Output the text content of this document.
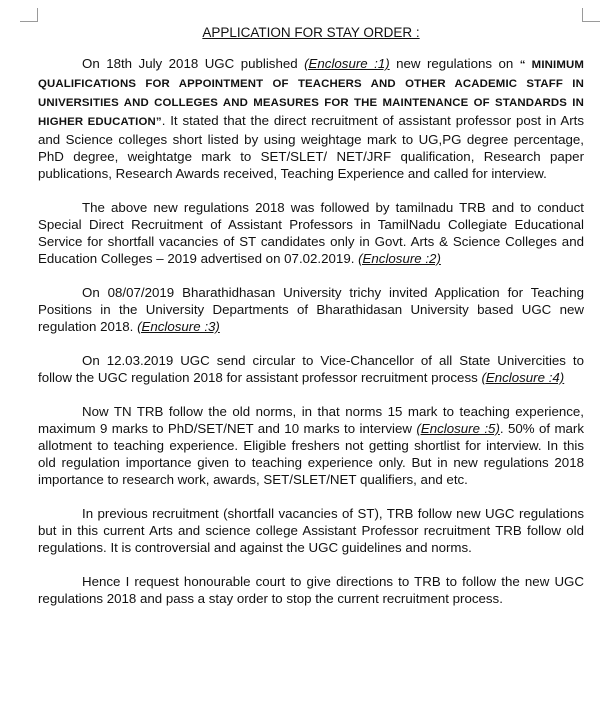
APPLICATION FOR STAY ORDER :

On 18th July 2018 UGC published (Enclosure :1) new regulations on “ MINIMUM QUALIFICATIONS FOR APPOINTMENT OF TEACHERS AND OTHER ACADEMIC STAFF IN UNIVERSITIES AND COLLEGES AND MEASURES FOR THE MAINTENANCE OF STANDARDS IN HIGHER EDUCATION”. It stated that the direct recruitment of assistant professor post in Arts and Science colleges short listed by using weightage mark to UG,PG degree percentage, PhD degree, weightatge mark to SET/SLET/ NET/JRF qualification, Research paper publications, Research Awards received, Teaching Experience and called for interview.

The above new regulations 2018 was followed by tamilnadu TRB and to conduct Special Direct Recruitment of Assistant Professors in TamilNadu Collegiate Educational Service for shortfall vacancies of ST candidates only in Govt. Arts & Science Colleges and Education Colleges – 2019 advertised on 07.02.2019. (Enclosure :2)

On 08/07/2019 Bharathidhasan University trichy invited Application for Teaching Positions in the University Departments of Bharathidasan University based UGC new regulation 2018. (Enclosure :3)

On 12.03.2019 UGC send circular to Vice-Chancellor of all State Univercities to follow the UGC regulation 2018 for assistant professor recruitment process (Enclosure :4)

Now TN TRB follow the old norms, in that norms 15 mark to teaching experience, maximum 9 marks to PhD/SET/NET and 10 marks to interview (Enclosure :5). 50% of mark allotment to teaching experience. Eligible freshers not getting shortlist for interview. In this old regulation importance given to teaching experience only. But in new regulations 2018 importance to research work, awards, SET/SLET/NET qualifiers, and etc.

In previous recruitment (shortfall vacancies of ST), TRB follow new UGC regulations but in this current Arts and science college Assistant Professor recruitment TRB follow old regulations. It is controversial and against the UGC guidelines and norms.

Hence I request honourable court to give directions to TRB to follow the new UGC regulations 2018 and pass a stay order to stop the current recruitment process.
